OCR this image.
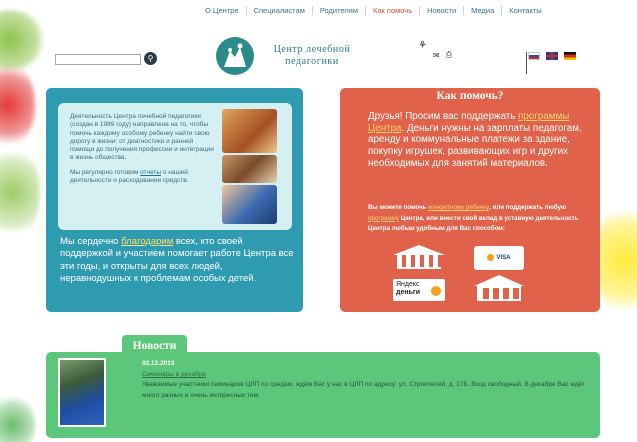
О Центре	Специалистам	Родителям	Как помочь	Новости	Медиа	Контакты
Центр лечебной
педагогики
⚲
⚘
✉ ⎙

Деятельность Центра лечебной педагогики (создан в 1989 году) направлена на то, чтобы помочь каждому особому ребенку найти свою дорогу в жизни: от диагностики и ранней помощи до получения профессии и интеграции в жизнь общества.

Мы регулярно готовим отчеты о нашей деятельности и расходовании средств.

Мы сердечно благодарим всех, кто своей поддержкой и участием помогает работе Центра все эти годы, и открыты для всех людей, неравнодушных к проблемам особых детей.
Как помочь?
Друзья! Просим вас поддержать программы Центра. Деньги нужны на зарплаты педагогам, аренду и коммунальные платежи за здание, покупку игрушек, развивающих игр и других необходимых для занятий материалов.
Вы можете помочь конкретному ребенку, или поддержать любую программу Центра, или внести свой вклад в уставную деятельность Центра любым удобным для Вас способом:
VISA
Яндекс
деньги
Новости
02.12.2013
Семинары в декабре
Уважаемые участники семинаров ЦЛП по средам, ждём Вас у нас в ЦЛП по адресу: ул. Строителей, д. 17Б. Вход свободный. В декабре Вас ждёт много разных и очень интересных тем.
